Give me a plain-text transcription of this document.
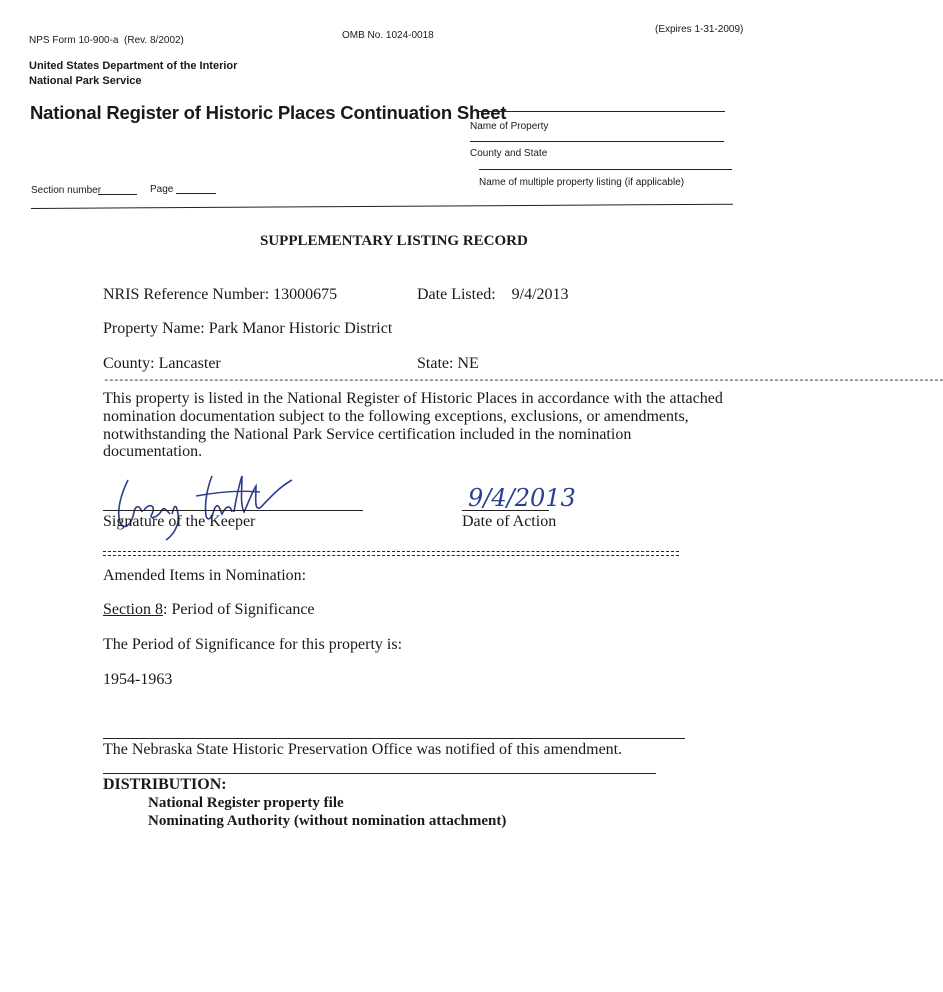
NPS Form 10-900-a (Rev. 8/2002)	OMB No. 1024-0018
(Expires 1-31-2009)
United States Department of the Interior
National Park Service
National Register of Historic Places Continuation Sheet
Name of Property
County and State
Name of multiple property listing (if applicable)
Section number	Page
SUPPLEMENTARY LISTING RECORD
NRIS Reference Number: 13000675	Date Listed: 9/4/2013
Property Name: Park Manor Historic District
County: Lancaster	State: NE
------------------------------------------------------------------------------------------------------------------------------------------------------------------------
This property is listed in the National Register of Historic Places in accordance with the attached
nomination documentation subject to the following exceptions, exclusions, or amendments,
notwithstanding the National Park Service certification included in the nomination
documentation.
Signature of the Keeper
9/4/2013
Date of Action
Amended Items in Nomination:
Section 8: Period of Significance
The Period of Significance for this property is:
1954-1963
The Nebraska State Historic Preservation Office was notified of this amendment.
DISTRIBUTION:
National Register property file
Nominating Authority (without nomination attachment)
